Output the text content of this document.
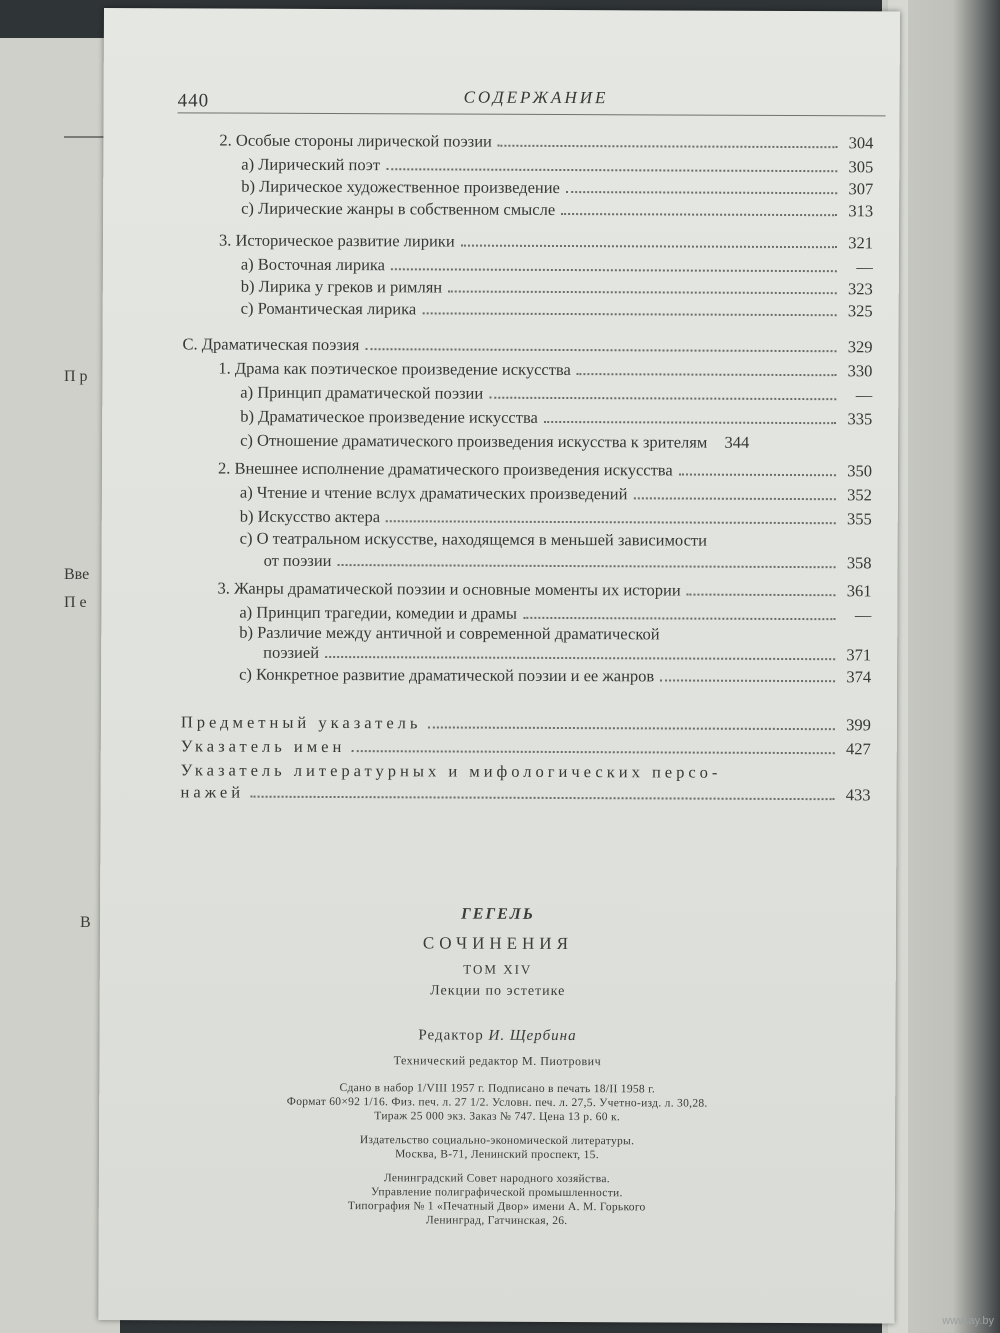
П р
Вве
П е
В
440	СОДЕРЖАНИЕ
2. Особые стороны лирической поэзии	304
a) Лирический поэт	305
b) Лирическое художественное произведение	307
c) Лирические жанры в собственном смысле	313
3. Историческое развитие лирики	321
a) Восточная лирика	—
b) Лирика у греков и римлян	323
c) Романтическая лирика	325
C. Драматическая поэзия	329
1. Драма как поэтическое произведение искусства	330
a) Принцип драматической поэзии	—
b) Драматическое произведение искусства	335
c) Отношение драматического произведения искусства к зрителям	344
2. Внешнее исполнение драматического произведения искусства	350
a) Чтение и чтение вслух драматических произведений	352
b) Искусство актера	355
c) О театральном искусстве, находящемся в меньшей зависимости
от поэзии	358
3. Жанры драматической поэзии и основные моменты их истории	361
a) Принцип трагедии, комедии и драмы	—
b) Различие между античной и современной драматической
поэзией	371
c) Конкретное развитие драматической поэзии и ее жанров	374
Предметный указатель	399
Указатель имен	427
Указатель литературных и мифологических персо-
нажей	433
ГЕГЕЛЬ
СОЧИНЕНИЯ
ТОМ XIV
Лекции по эстетике
Редактор И. Щербина
Технический редактор М. Пиотрович
Сдано в набор 1/VIII 1957 г. Подписано в печать 18/II 1958 г.
Формат 60×92 1/16. Физ. печ. л. 27 1/2. Условн. печ. л. 27,5. Учетно-изд. л. 30,28.
Тираж 25 000 экз. Заказ № 747. Цена 13 р. 60 к.
Издательство социально-экономической литературы.
Москва, В-71, Ленинский проспект, 15.
Ленинградский Совет народного хозяйства.
Управление полиграфической промышленности.
Типография № 1 «Печатный Двор» имени А. М. Горького
Ленинград, Гатчинская, 26.
www.ay.by
